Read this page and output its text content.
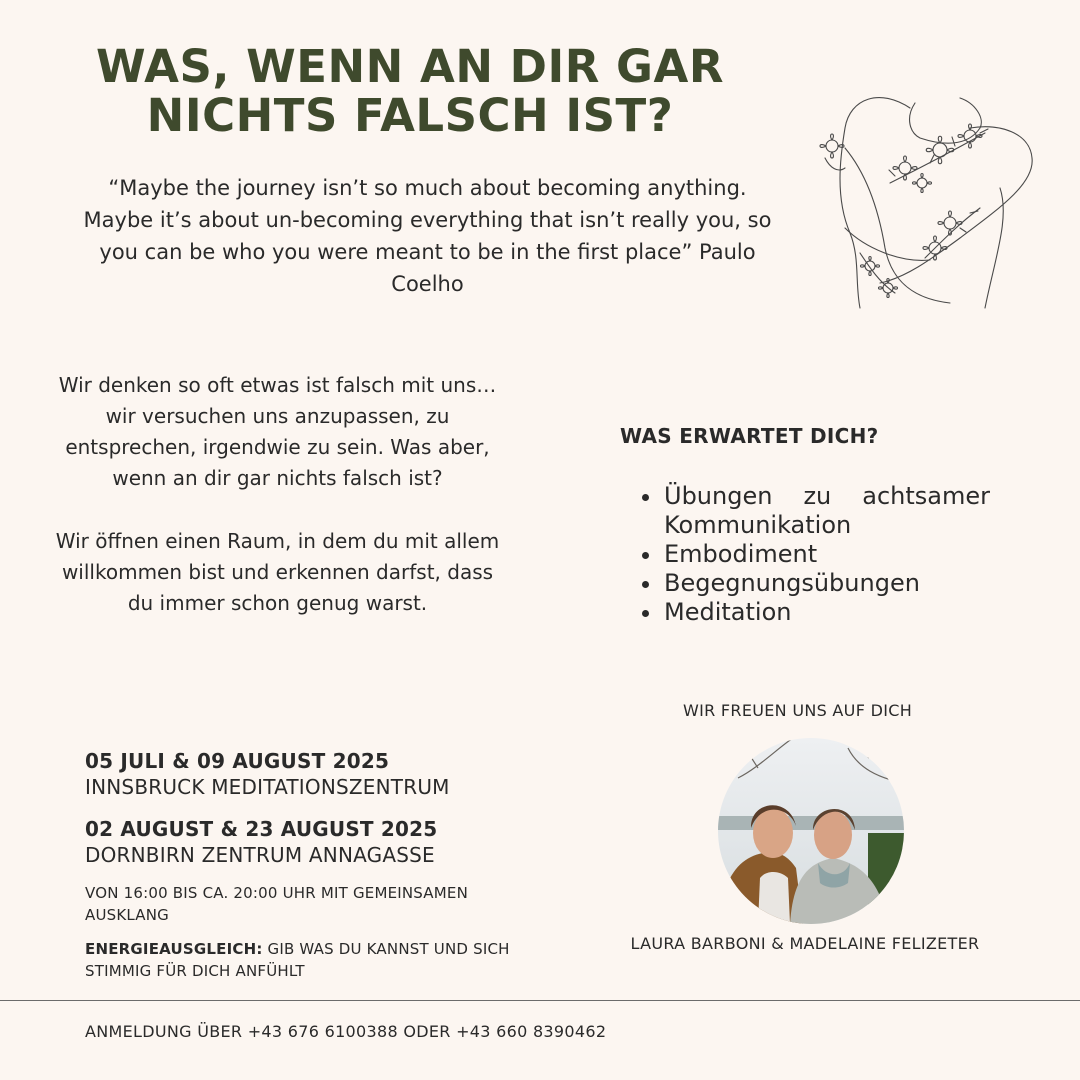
WAS, WENN AN DIR GAR
NICHTS FALSCH IST?

“Maybe the journey isn’t so much about becoming anything. Maybe it’s about un-becoming everything that isn’t really you, so you can be who you were meant to be in the first place” Paulo Coelho

Wir denken so oft etwas ist falsch mit uns… wir versuchen uns anzupassen, zu entsprechen, irgendwie zu sein. Was aber, wenn an dir gar nichts falsch ist?

Wir öffnen einen Raum, in dem du mit allem willkommen bist und erkennen darfst, dass du immer schon genug warst.

WAS ERWARTET DICH?
Übungen zu achtsamer Kommunikation
Embodiment
Begegnungsübungen
Meditation

WIR FREUEN UNS AUF DICH

LAURA BARBONI & MADELAINE FELIZETER

05 JULI & 09 AUGUST 2025
INNSBRUCK MEDITATIONSZENTRUM
02 AUGUST & 23 AUGUST 2025
DORNBIRN ZENTRUM ANNAGASSE

VON 16:00 BIS CA. 20:00 UHR MIT GEMEINSAMEN AUSKLANG

ENERGIEAUSGLEICH: GIB WAS DU KANNST UND SICH STIMMIG FÜR DICH ANFÜHLT

ANMELDUNG ÜBER +43 676 6100388 ODER +43 660 8390462
